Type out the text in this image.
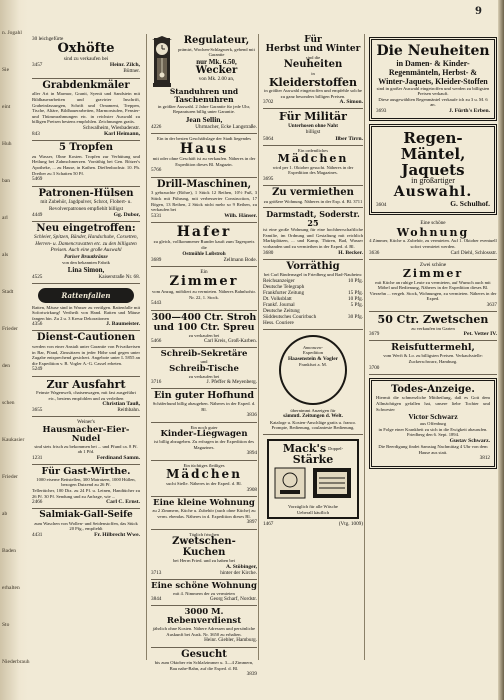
n. Jogahl
Sie
eint
Huh
ban
arl
als
Stadt
Frieder
den
schen
Kaukasier
Frieder
ab
Baden
erhalten
Sto
Niederbrauh
9
30 leichgefürte
Oxhöfte
sind zu verkaufen bei
3457	Heinr. Zilch,
Büttner.
Grabdenkmäler
aller Art in Marmor, Granit, Syenit und Sandstein mit Bildhauerarbeiten und gravirter Inschrift, Grabeinfassungen, Schrift und Ornament, Treppen, Tische, Altäre, Bildhauerarbeiten, Marmorstufen, Fenster- und Thürumrahmungen etc. in reichster Auswahl zu billigen Preisen bestens empfohlen. Zeichnungen gratis.
Schwalheim, Wiesbadenstr.
843	Karl Heimann,
5 Tropfen
zu Wasser, Ohne Kosten. Tropfen zur Verhütung und Heilung bei Zahnschmerzen. Vorräthig bei Gen. Bötzer's Apotheke, ... zu Hause, in Kathen. Dieffenbachstr. 10. Ph. Dreiber zu 3 Schatten 50 Pf.
5469
Patronen-Hülsen
mit Zubehör, Jagdpulver, Schrot, Flobert- u. Revolverpatronen empfiehlt billigst
4449	Gg. Dubor,
Neu eingetroffen:
Schleier, Spitzen, Bänder, Handschuhe, Corsetten, Herren- u. Damencravatten etc. zu den billigsten Preisen. Auch eine große Auswahl
Pariser Brautkränze
von den bekannten Fabrik
Lina Simon,
4525	Kaiserstraße Nr. 68.
Rattenfallen
Ratten, Mäuse sind in Wasser zu vertilgen. Rattenfalle mit Sofortwirkung! Vertheilt von Hand. Ratten und Mäuse fangen hin. Zu 2 u. 3 Kreuz Dekorationen
4356	J. Baumeister.
Dienst-Cautionen
werden von einer Anstalt unter Garantie von Privatkreisen in Bar, Pfand, Zinssätzen in jeder Höhe und gegen unter Zugabe entsprechend gesichert. Angebote unter L 5855 an die Expedition v. B. Vogler A.-G. Cassel erbeten.
5249
Zur Ausfahrt
Feinste Wagenwelt, chaisenwagen, mit fast ausgeführt etc., bestens empfohlen und zu verleihen
Christian Tauß,
3655	Reithbahn.
Weiner's
Hausmacher-Eier-Nudel
sind stets frisch zu bekommen bei ... und Pfund ca. 8 Pf. ab 1 Pfd.
1231	Ferdinand Samm.
Für Gast-Wirthe.
1000 eiserne Bettstellen, 300 Matratzen, 1000 Hüllen, bezogen Dutzend zu 26 Pf.
Tellertücher, 100 Dtz. zu 24 Pf. u. Leinen, Handtücher zu 26 Pf. 30 Pf. Sendung und zu Anfrage, wie ...
2466	Carl C. Ernst.
Salmiak-Gall-Seife
zum Waschen von Wollen- und Seidenstoffen, das Stück 20 Pfg., empfiehlt
4431	Fr. Hilbrecht Wwe.
Regulateur,
prämirt, Wochen-Schlagwerk, gehend mit Garantie
nur Mk. 6.50,
Wecker
von Mk. 2.00 an,
Standuhren und Taschenuhren
in größter Auswahl. 2 Jahre Garantie für jede Uhr, Reparaturen billig unter Garantie.
Jean Sellin,
4226	Uhrmacher, Ecke Langstraße.
Ein in der besten Geschäftslage der Stadt liegendes
Haus
mit oder ohne Geschäft ist zu verkaufen. Näheres in der Expedition dieses Bl. Magazin.
5766
Drill-Maschinen,
3 gebrauchte (Röhre), 1 Stück 12 Reihen, 10½ Fuß, 3 Stück mit Führung, mit verbesserter Construction, 17 Bögen, 13 Reihen, 2 Stück nicht mehr so 9 Reihen, zu verkaufen bei
5331	Wilh. Hänser.
Hafer
zu gleich, vollkommener Runder kauft zum Tagespreis die
Ostmühle Loßstroh
3689	Zellmann Bode.
Ein
Zimmer
vom Anzug, möbliert zu vermieten. Näheres Bahnhofstr. Nr. 22, 1. Stock.
5443
300—400 Ctr. Stroh und 100 Ctr. Spreu
zu verkaufen bei
5466	Carl Kreis, Groß-Karben.
Schreib-Sekretäre
und
Schreib-Tische
zu verkaufen bei
3716	J. Pfeffer & Meyenberg.
Ein guter Hofhund
Schäferhund billig abzugeben. Näheres in der Exped. d. Bl.
3836
Ein noch guter
Kinder-Liegwagen
ist billig abzugeben. Zu erfragen in der Expedition des Magazines.
3894
Ein tüchtiges fleißiges
Mädchen
sucht Stelle. Näheres in der Exped. d. Bl.
3908
Eine kleine Wohnung
zu 2 Zimmern, Küche u. Zubehör (auch ohne Küche) zu verm. ebendas. Näheres in d. Expedition dieses Bl.
3897
Täglich frischen
Zwetschen-Kuchen
bei Herrn Fried. und zu haben bei
A. Stöbinger,
3713	hinter der Kirche.
Eine schöne Wohnung
mit 4. Nimmern der zu vermieten
3844	Georg Scharf, Nordstr.
3000 M. Rebenverdienst
jährlich ohne Kosten. Nähere Adressen und persönliche Auskunft bei Ausk. Nr. 3650 zu erhalten.
Heinr. Giebler, Hamburg.
Gesucht
bis zum Oktober ein Schlafzimmer u. 3—4 Zimmern, Bau nahe-Bahn, auf die Exped. d. Bl.
3839
Für
Herbst und Winter
sind die
Neuheiten
in
Kleiderstoffen
in größter Auswahl eingetroffen und empfehle solche zu ganz besonders billigen Preisen.
3702	A. Simon.
Für Militär
Unterhosen ohne Naht
billigst
5064	Ilber Tirrn.
Ein ordentliches
Mädchen
wird per 1. Oktober gesucht. Näheres in der Expedition des Magazines.
3695
Zu vermiethen
zu größere Wohnung. Näheres in der Exp. d. Bl. 3711
Darmstadt, Soderstr. 25
ist eine große Wohnung für eine hochherrschaftliche Familie, im Ordnung und Gestaltung mit reichlich Marktplätzen, ... und Kamp, Thüren, Bad, Wasser vorhanden und zu vermiethen in der Exped. d. Bl.
3680	H. Becker.
Vorräthig
bei Carl Bindernagel in Friedberg und Bad-Nauheim:
Reichsanzeiger	10 Pfg.
Deutsche Telegraph
Frankfurter Zeitung	15 Pfg.
Dt. Volksblatt	10 Pfg.
Frankf. Journal	5 Pfg.
Deutsche Zeitung
Süddeutsches Courirbuch	30 Pfg.
Hess. Couriere
Annoncen-
Expedition
Haasenstein & Vogler
Frankfurt a. M.
übernimmt Anzeigen für
sämmtl. Zeitungen d. Welt.
Kataloge u. Kosten-Anschläge gratis u. franco.
Prompte, Bedienung, coulanteste Bedienung.
Mack's Doppel-
Stärke
Vorzüglich für alle Wäsche
Ueberall käuflich
1467	(Vtg. 1009)
Die Neuheiten
in Damen- & Kinder-Regenmänteln, Herbst- & Winter-Jaquets, Kleider-Stoffen
sind in großer Auswahl eingetroffen und werden zu billigsten Preisen verkauft.
Diese ausgewählten Regenmäntel verkaufe ich zu 3 u. M. 6 an.
3693	J. Fürth's Erben.
Regen-
Mäntel,
Jaquets
in großartiger
Auswahl.
3604	G. Schulhof.
Eine schöne
Wohnung
4 Zimmer, Küche u. Zubehör, zu vermieten. Auf 1. Oktober eventuell sofort vermietet werden.
3636	Carl Diehl, Schlossstr.
Zwei schöne
Zimmer
mit Küche an ruhige Leute zu vermieten, auf Wunsch auch mit Möbel und Bedienung, Näheres in der Expedition dieses Bl.
Vierzehn ... vergeb. Stock, Wohnungen, zu vermieten. Näheres in der Exped.
3637
50 Ctr. Zwetschen
zu verkaufen im Garten
3679	Pet. Vetter IV.
Reisfuttermehl,
vom Werft & Lo. zu billigsten Preisen. Verkaufsstelle: Zuckerschwarz, Hamburg.
3700
Todes-Anzeige.
Hiermit die schmerzliche Mittheilung, daß es Gott dem Allmächtigen gefallen hat, unsere liebe Tochter und Schwester
Victor Schwarz
aus Offenburg
in Folge einer Krankheit zu sich in die Ewigkeit abzurufen.
Friedberg den 6. Sept. 1894.
Gustav Schwarz.
Die Beerdigung findet Samstag Nachmittag 4 Uhr von dem Hause aus statt.
3812
